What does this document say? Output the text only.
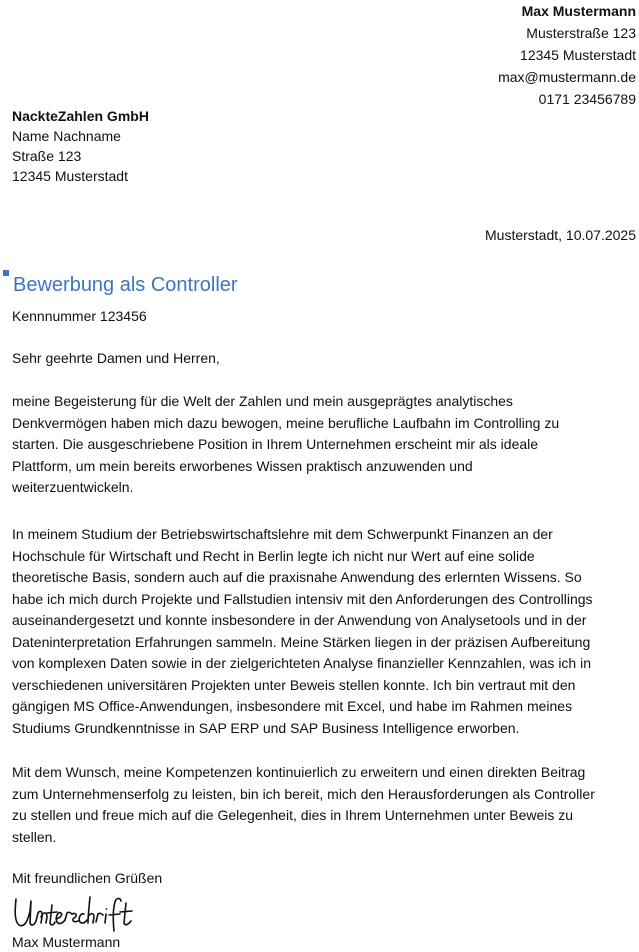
Max Mustermann
Musterstraße 123
12345 Musterstadt
max@mustermann.de
0171 23456789
NackteZahlen GmbH
Name Nachname
Straße 123
12345 Musterstadt
Musterstadt, 10.07.2025
Bewerbung als Controller
Kennnummer 123456
Sehr geehrte Damen und Herren,
meine Begeisterung für die Welt der Zahlen und mein ausgeprägtes analytisches
Denkvermögen haben mich dazu bewogen, meine berufliche Laufbahn im Controlling zu
starten. Die ausgeschriebene Position in Ihrem Unternehmen erscheint mir als ideale
Plattform, um mein bereits erworbenes Wissen praktisch anzuwenden und
weiterzuentwickeln.
In meinem Studium der Betriebswirtschaftslehre mit dem Schwerpunkt Finanzen an der
Hochschule für Wirtschaft und Recht in Berlin legte ich nicht nur Wert auf eine solide
theoretische Basis, sondern auch auf die praxisnahe Anwendung des erlernten Wissens. So
habe ich mich durch Projekte und Fallstudien intensiv mit den Anforderungen des Controllings
auseinandergesetzt und konnte insbesondere in der Anwendung von Analysetools und in der
Dateninterpretation Erfahrungen sammeln. Meine Stärken liegen in der präzisen Aufbereitung
von komplexen Daten sowie in der zielgerichteten Analyse finanzieller Kennzahlen, was ich in
verschiedenen universitären Projekten unter Beweis stellen konnte. Ich bin vertraut mit den
gängigen MS Office-Anwendungen, insbesondere mit Excel, und habe im Rahmen meines
Studiums Grundkenntnisse in SAP ERP und SAP Business Intelligence erworben.
Mit dem Wunsch, meine Kompetenzen kontinuierlich zu erweitern und einen direkten Beitrag
zum Unternehmenserfolg zu leisten, bin ich bereit, mich den Herausforderungen als Controller
zu stellen und freue mich auf die Gelegenheit, dies in Ihrem Unternehmen unter Beweis zu
stellen.
Mit freundlichen Grüßen
Max Mustermann
